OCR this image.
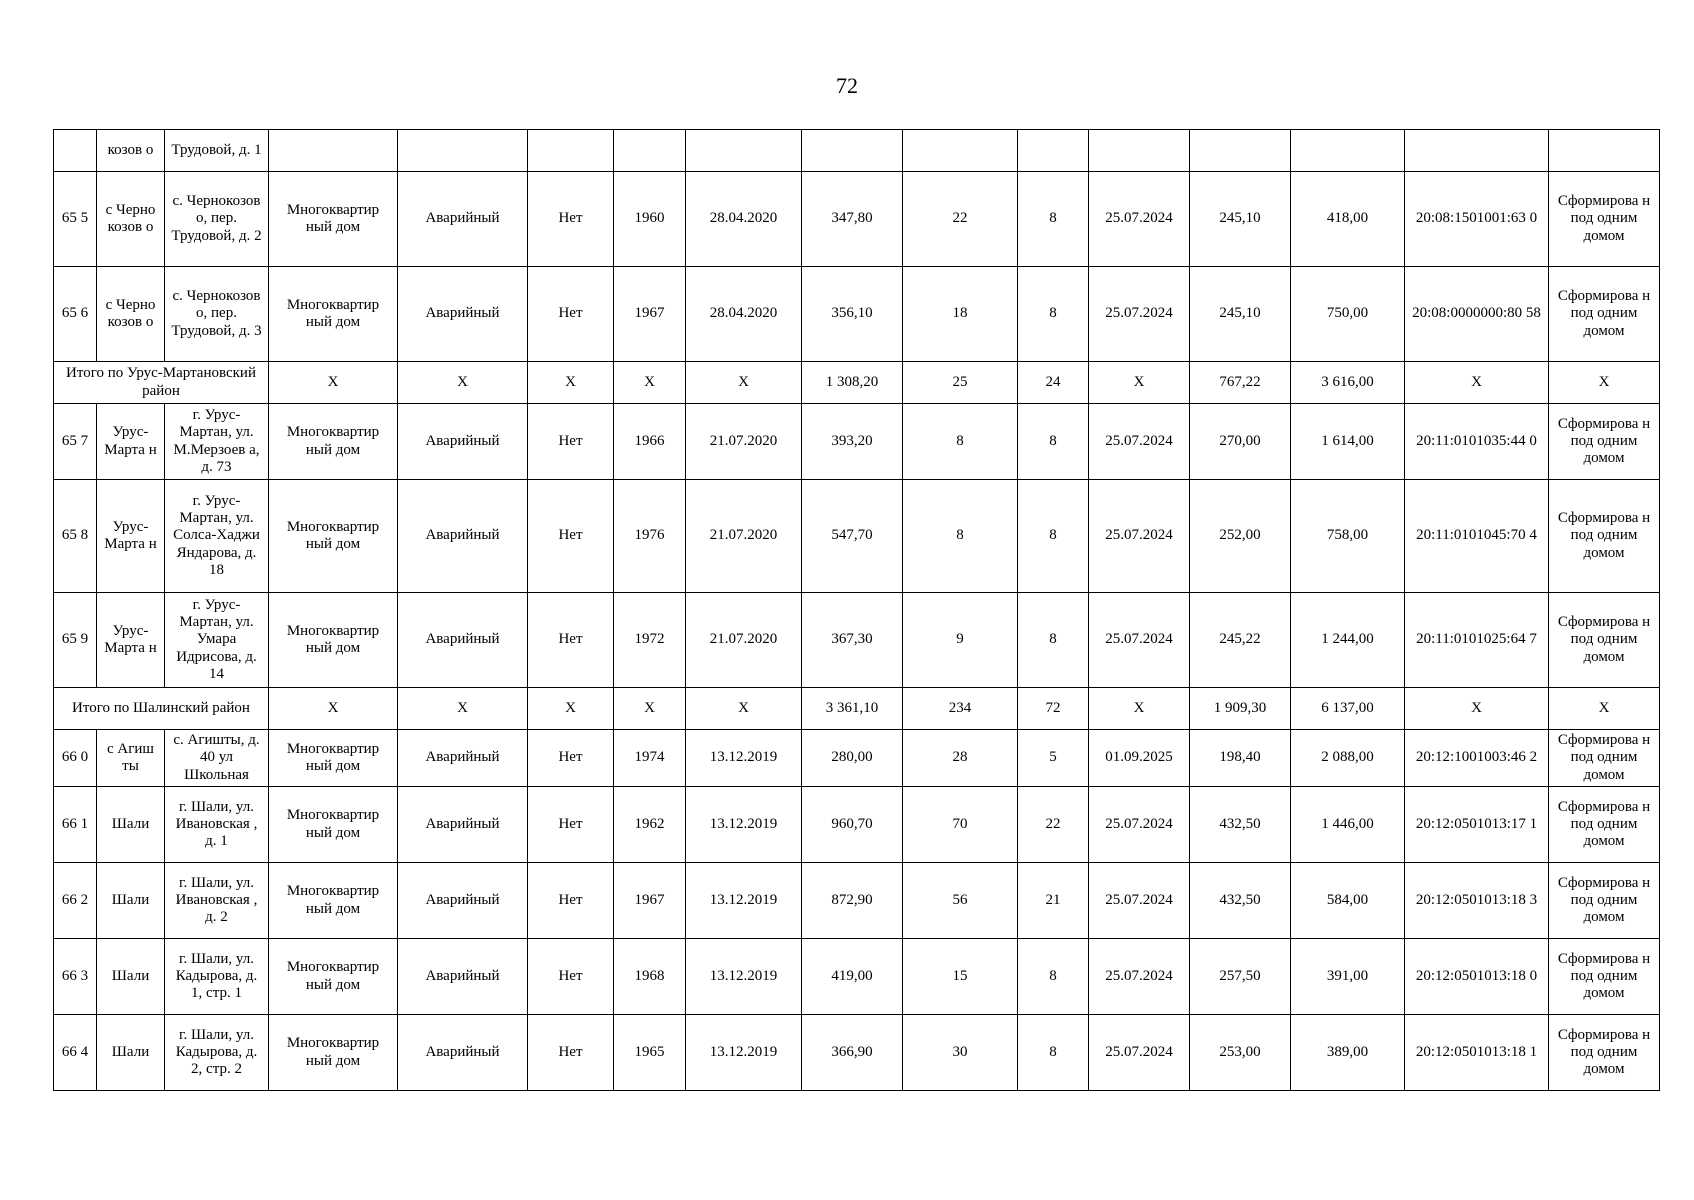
72
	козов о	Трудовой, д. 1													
65 5	с Черно козов о	с. Чернокозов о, пер. Трудовой, д. 2	Многоквартир ный дом	Аварийный	Нет	1960	28.04.2020	347,80	22	8	25.07.2024	245,10	418,00	20:08:1501001:63 0	Сформирова н под одним домом
65 6	с Черно козов о	с. Чернокозов о, пер. Трудовой, д. 3	Многоквартир ный дом	Аварийный	Нет	1967	28.04.2020	356,10	18	8	25.07.2024	245,10	750,00	20:08:0000000:80 58	Сформирова н под одним домом
Итого по Урус-Мартановский район			X	X	X	X	X	1 308,20	25	24	X	767,22	3 616,00	X	X
65 7	Урус-Марта н	г. Урус-Мартан, ул. М.Мерзоев а, д. 73	Многоквартир ный дом	Аварийный	Нет	1966	21.07.2020	393,20	8	8	25.07.2024	270,00	1 614,00	20:11:0101035:44 0	Сформирова н под одним домом
65 8	Урус-Марта н	г. Урус-Мартан, ул. Солса-Хаджи Яндарова, д. 18	Многоквартир ный дом	Аварийный	Нет	1976	21.07.2020	547,70	8	8	25.07.2024	252,00	758,00	20:11:0101045:70 4	Сформирова н под одним домом
65 9	Урус-Марта н	г. Урус-Мартан, ул. Умара Идрисова, д. 14	Многоквартир ный дом	Аварийный	Нет	1972	21.07.2020	367,30	9	8	25.07.2024	245,22	1 244,00	20:11:0101025:64 7	Сформирова н под одним домом
Итого по Шалинский район			X	X	X	X	X	3 361,10	234	72	X	1 909,30	6 137,00	X	X
66 0	с Агиш ты	с. Агишты, д. 40 ул Школьная	Многоквартир ный дом	Аварийный	Нет	1974	13.12.2019	280,00	28	5	01.09.2025	198,40	2 088,00	20:12:1001003:46 2	Сформирова н под одним домом
66 1	Шали	г. Шали, ул. Ивановская , д. 1	Многоквартир ный дом	Аварийный	Нет	1962	13.12.2019	960,70	70	22	25.07.2024	432,50	1 446,00	20:12:0501013:17 1	Сформирова н под одним домом
66 2	Шали	г. Шали, ул. Ивановская , д. 2	Многоквартир ный дом	Аварийный	Нет	1967	13.12.2019	872,90	56	21	25.07.2024	432,50	584,00	20:12:0501013:18 3	Сформирова н под одним домом
66 3	Шали	г. Шали, ул. Кадырова, д. 1, стр. 1	Многоквартир ный дом	Аварийный	Нет	1968	13.12.2019	419,00	15	8	25.07.2024	257,50	391,00	20:12:0501013:18 0	Сформирова н под одним домом
66 4	Шали	г. Шали, ул. Кадырова, д. 2, стр. 2	Многоквартир ный дом	Аварийный	Нет	1965	13.12.2019	366,90	30	8	25.07.2024	253,00	389,00	20:12:0501013:18 1	Сформирова н под одним домом
